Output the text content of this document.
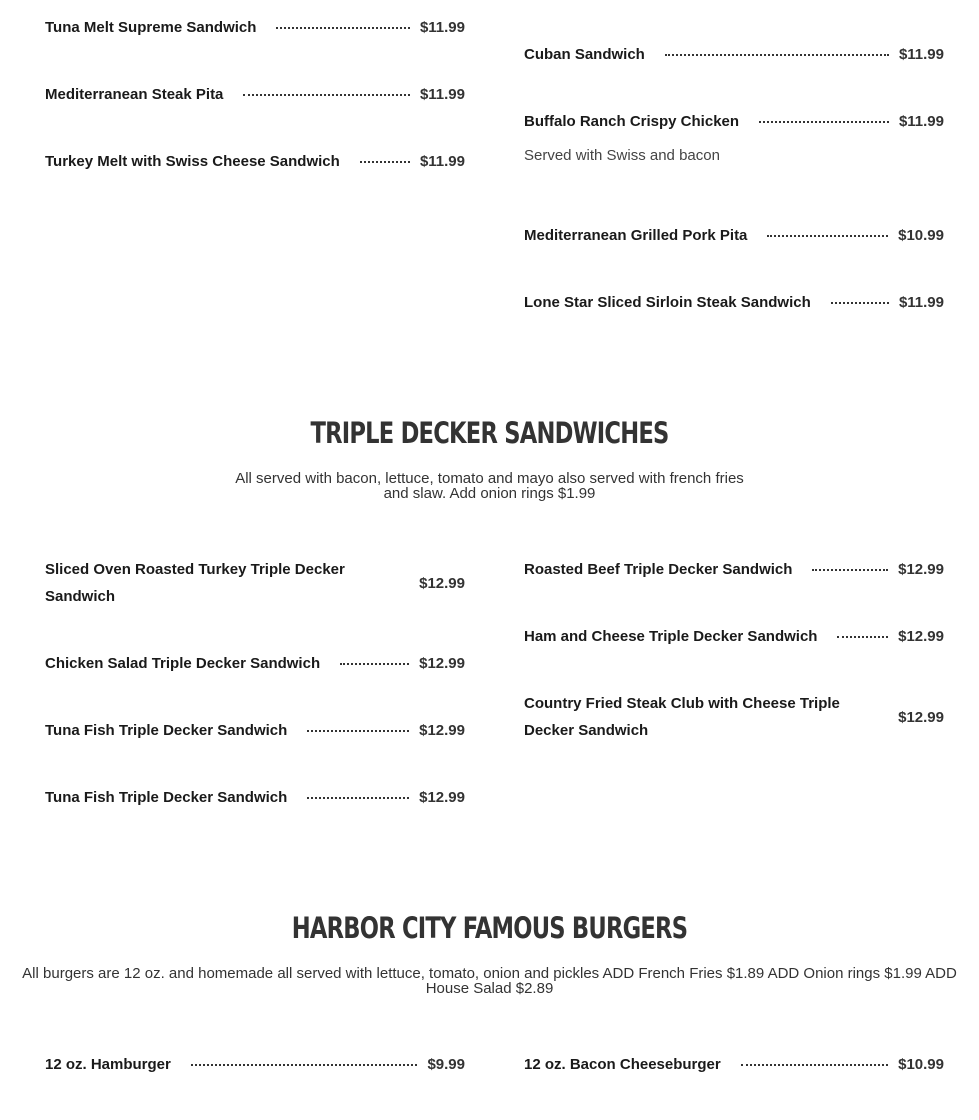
Tuna Melt Supreme Sandwich	$11.99
Mediterranean Steak Pita	$11.99
Turkey Melt with Swiss Cheese Sandwich	$11.99
Cuban Sandwich	$11.99
Buffalo Ranch Crispy Chicken	$11.99
Served with Swiss and bacon
Mediterranean Grilled Pork Pita	$10.99
Lone Star Sliced Sirloin Steak Sandwich	$11.99
TRIPLE DECKER SANDWICHES
All served with bacon, lettuce, tomato and mayo also served with french fries
and slaw. Add onion rings $1.99
Sliced Oven Roasted Turkey Triple Decker Sandwich
$12.99
Chicken Salad Triple Decker Sandwich	$12.99
Tuna Fish Triple Decker Sandwich	$12.99
Tuna Fish Triple Decker Sandwich	$12.99
Roasted Beef Triple Decker Sandwich	$12.99
Ham and Cheese Triple Decker Sandwich	$12.99
Country Fried Steak Club with Cheese Triple Decker Sandwich
$12.99
HARBOR CITY FAMOUS BURGERS
All burgers are 12 oz. and homemade all served with lettuce, tomato, onion and pickles ADD French Fries $1.89 ADD Onion rings $1.99 ADD
House Salad $2.89
12 oz. Hamburger	$9.99	12 oz. Bacon Cheeseburger	$10.99
